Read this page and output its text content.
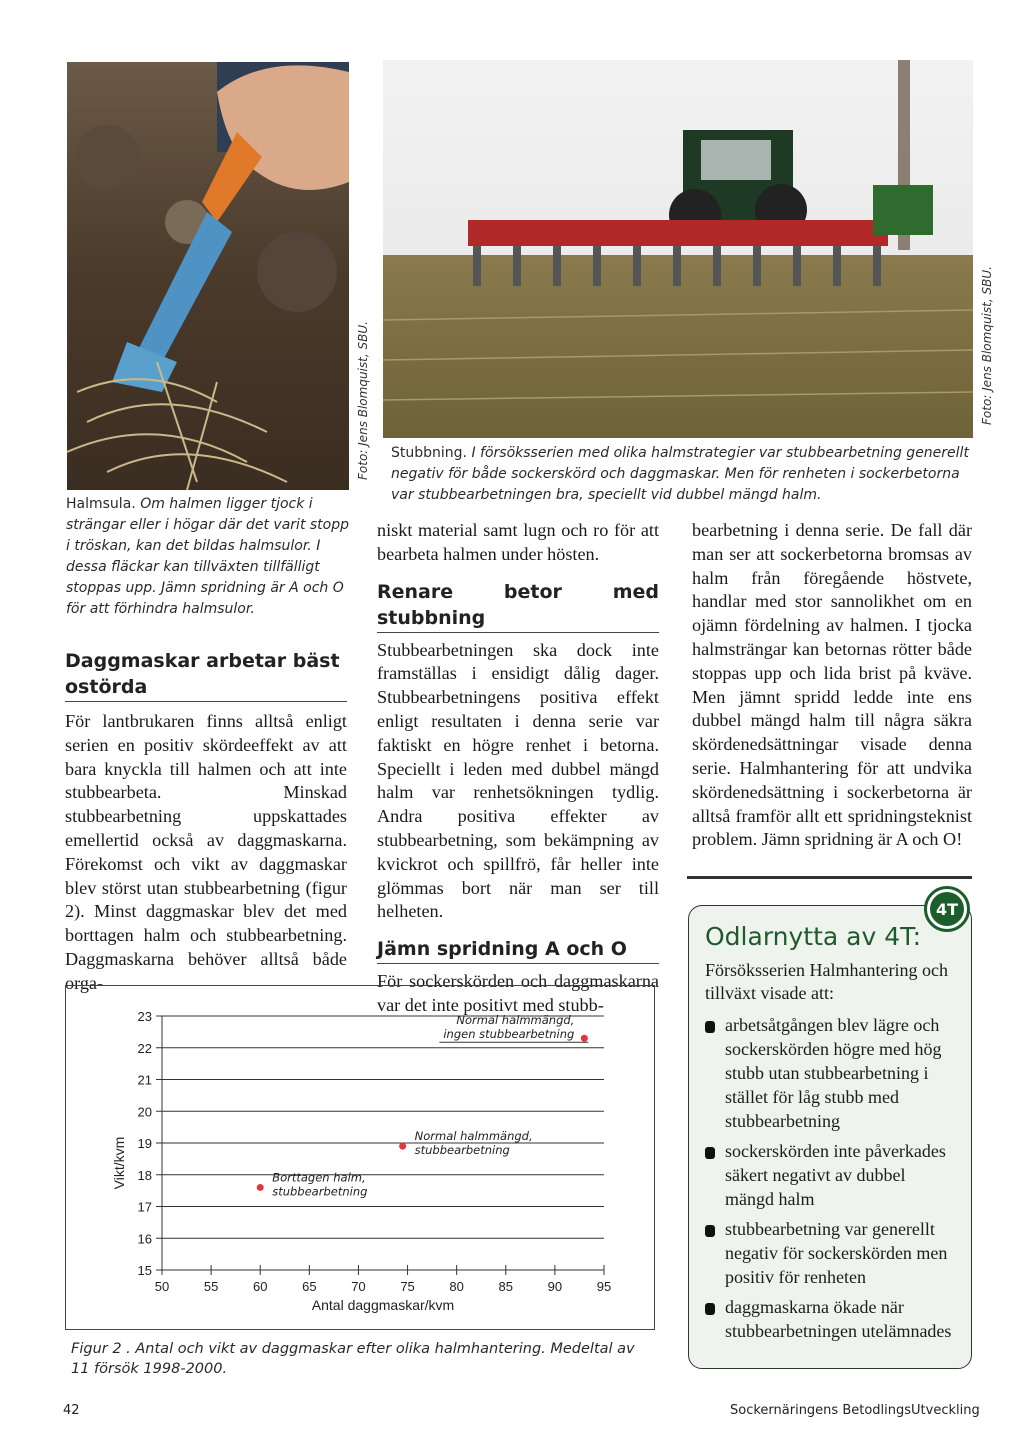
Foto: Jens Blomquist, SBU.	Foto: Jens Blomquist, SBU.
Halmsula. Om halmen ligger tjock i strängar eller i högar där det varit stopp i tröskan, kan det bildas halmsulor. I dessa fläckar kan tillväxten tillfälligt stoppas upp. Jämn spridning är A och O för att förhindra halmsulor.
Stubbning. I försöksserien med olika halmstrategier var stubbearbetning generellt negativ för både sockerskörd och daggmaskar. Men för renheten i sockerbetorna var stubbearbetningen bra, speciellt vid dubbel mängd halm.
Daggmaskar arbetar bäst ostörda

För lantbrukaren finns alltså enligt serien en positiv skördeeffekt av att bara knyckla till halmen och att inte stubbearbeta. Minskad stubbearbetning uppskattades emellertid också av daggmaskarna. Förekomst och vikt av daggmaskar blev störst utan stubbearbetning (figur 2). Minst daggmaskar blev det med borttagen halm och stubbearbetning. Daggmaskarna behöver alltså både orga-

niskt material samt lugn och ro för att bearbeta halmen under hösten.

Renare betor med stubbning

Stubbearbetningen ska dock inte framställas i ensidigt dålig dager. Stubbearbetningens positiva effekt enligt resultaten i denna serie var faktiskt en högre renhet i betorna. Speciellt i leden med dubbel mängd halm var renhetsökningen tydlig. Andra positiva effekter av stubbearbetning, som bekämpning av kvickrot och spillfrö, får heller inte glömmas bort när man ser till helheten.

Jämn spridning A och O

För sockerskörden och daggmaskarna var det inte positivt med stubb-

bearbetning i denna serie. De fall där man ser att sockerbetorna bromsas av halm från föregående höstvete, handlar med stor sannolikhet om en ojämn fördelning av halmen. I tjocka halmsträngar kan betornas rötter både stoppas upp och lida brist på kväve. Men jämnt spridd ledde inte ens dubbel mängd halm till några säkra skördenedsättningar visade denna serie. Halmhantering för att undvika skördenedsättning i sockerbetorna är alltså framför allt ett spridningsteknist problem. Jämn spridning är A och O!

Odlarnytta av 4T:
Försöksserien Halmhantering och tillväxt visade att:
arbetsåtgången blev lägre och sockerskörden högre med hög stubb utan stubbearbetning i stället för låg stubb med stubbearbetning
sockerskörden inte påverkades säkert negativt av dubbel mängd halm
stubbearbetning var generellt negativ för sockerskörden men positiv för renheten
daggmaskarna ökade när stubbearbetningen utelämnades
4T
15
16
17
18
19
20
21
22
23
50	55	60	65	70	75	80	85	90	95
Borttagen halm,
stubbearbetning
Normal halmmängd,
stubbearbetning
Normal halmmängd,
ingen stubbearbetning
Antal daggmaskar/kvm
Vikt/kvm
Figur 2 . Antal och vikt av daggmaskar efter olika halmhantering. Medeltal av 11 försök 1998-2000.
42	Sockernäringens BetodlingsUtveckling
